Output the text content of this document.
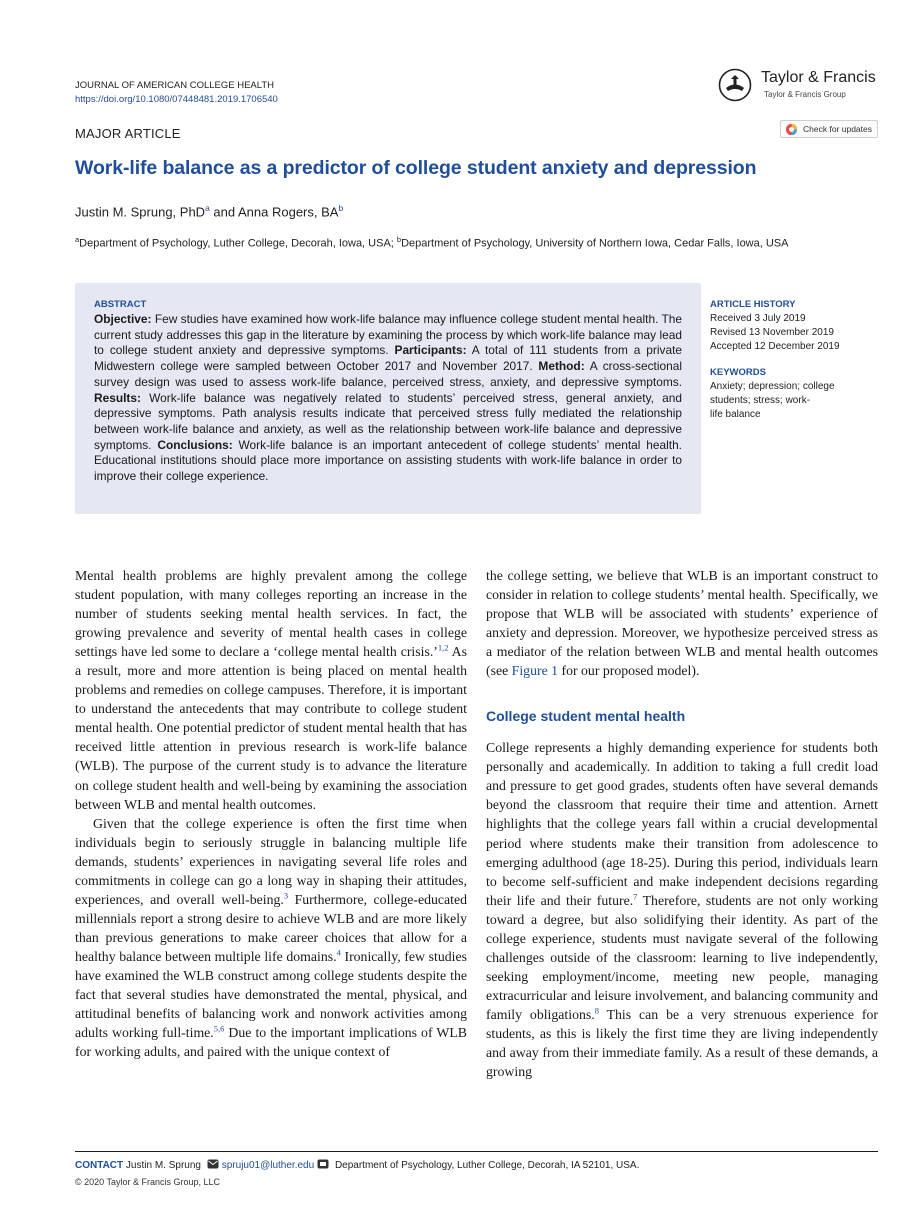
JOURNAL OF AMERICAN COLLEGE HEALTH
https://doi.org/10.1080/07448481.2019.1706540
Taylor & Francis
Taylor & Francis Group
MAJOR ARTICLE	Check for updates
Work-life balance as a predictor of college student anxiety and depression
Justin M. Sprung, PhD$^a$ and Anna Rogers, $BA^b$
$^a$Department of Psychology, Luther College, Decorah, Iowa, USA; $^b$Department of Psychology, University of Northern Iowa, Cedar Falls, Iowa, USA
ABSTRACT
Objective: Few studies have examined how work-life balance may influence college student mental health. The current study addresses this gap in the literature by examining the process by which work-life balance may lead to college student anxiety and depressive symptoms. Participants: A total of 111 students from a private Midwestern college were sampled between October 2017 and November 2017. Method: A cross-sectional survey design was used to assess work-life balance, perceived stress, anxiety, and depressive symptoms. Results: Work-life balance was negatively related to students’ perceived stress, general anxiety, and depressive symptoms. Path analysis results indicate that perceived stress fully mediated the relationship between work-life balance and anxiety, as well as the relationship between work-life balance and depressive symptoms. Conclusions: Work-life balance is an important antecedent of college students’ mental health. Educational institutions should place more importance on assisting students with work-life balance in order to improve their college experience.
ARTICLE HISTORY
Received 3 July 2019
Revised 13 November 2019
Accepted 12 December 2019
KEYWORDS
Anxiety; depression; college
students; stress; work-
life balance

Mental health problems are highly prevalent among the college student population, with many colleges reporting an increase in the number of students seeking mental health services. In fact, the growing prevalence and severity of mental health cases in college settings have led some to declare a ‘college mental health crisis.’$^{1,2}$ As a result, more and more attention is being placed on mental health problems and remedies on college campuses. Therefore, it is important to understand the antecedents that may contribute to college student mental health. One potential predictor of student mental health that has received little attention in previous research is work-life balance (WLB). The purpose of the current study is to advance the literature on college student health and well-being by examining the association between WLB and mental health outcomes.

Given that the college experience is often the first time when individuals begin to seriously struggle in balancing multiple life demands, students’ experiences in navigating several life roles and commitments in college can go a long way in shaping their attitudes, experiences, and overall well-being.$^3$ Furthermore, college-educated millennials report a strong desire to achieve WLB and are more likely than previous generations to make career choices that allow for a healthy balance between multiple life domains.$^4$ Ironically, few studies have examined the WLB construct among college students despite the fact that several studies have demonstrated the mental, physical, and attitudinal benefits of balancing work and nonwork activities among adults working full-time.$^{5,6}$ Due to the important implications of WLB for working adults, and paired with the unique context of

the college setting, we believe that WLB is an important construct to consider in relation to college students’ mental health. Specifically, we propose that WLB will be associated with students’ experience of anxiety and depression. Moreover, we hypothesize perceived stress as a mediator of the relation between WLB and mental health outcomes (see Figure 1 for our proposed model).

College student mental health

College represents a highly demanding experience for students both personally and academically. In addition to taking a full credit load and pressure to get good grades, students often have several demands beyond the classroom that require their time and attention. Arnett highlights that the college years fall within a crucial developmental period where students make their transition from adolescence to emerging adulthood (age 18-25). During this period, individuals learn to become self-sufficient and make independent decisions regarding their life and their future.$^7$ Therefore, students are not only working toward a degree, but also solidifying their identity. As part of the college experience, students must navigate several of the following challenges outside of the classroom: learning to live independently, seeking employment/income, meeting new people, managing extracurricular and leisure involvement, and balancing community and family obligations.$^8$ This can be a very strenuous experience for students, as this is likely the first time they are living independently and away from their immediate family. As a result of these demands, a growing

CONTACT Justin M. Sprung spruju01@luther.edu Department of Psychology, Luther College, Decorah, IA 52101, USA.
© 2020 Taylor & Francis Group, LLC
